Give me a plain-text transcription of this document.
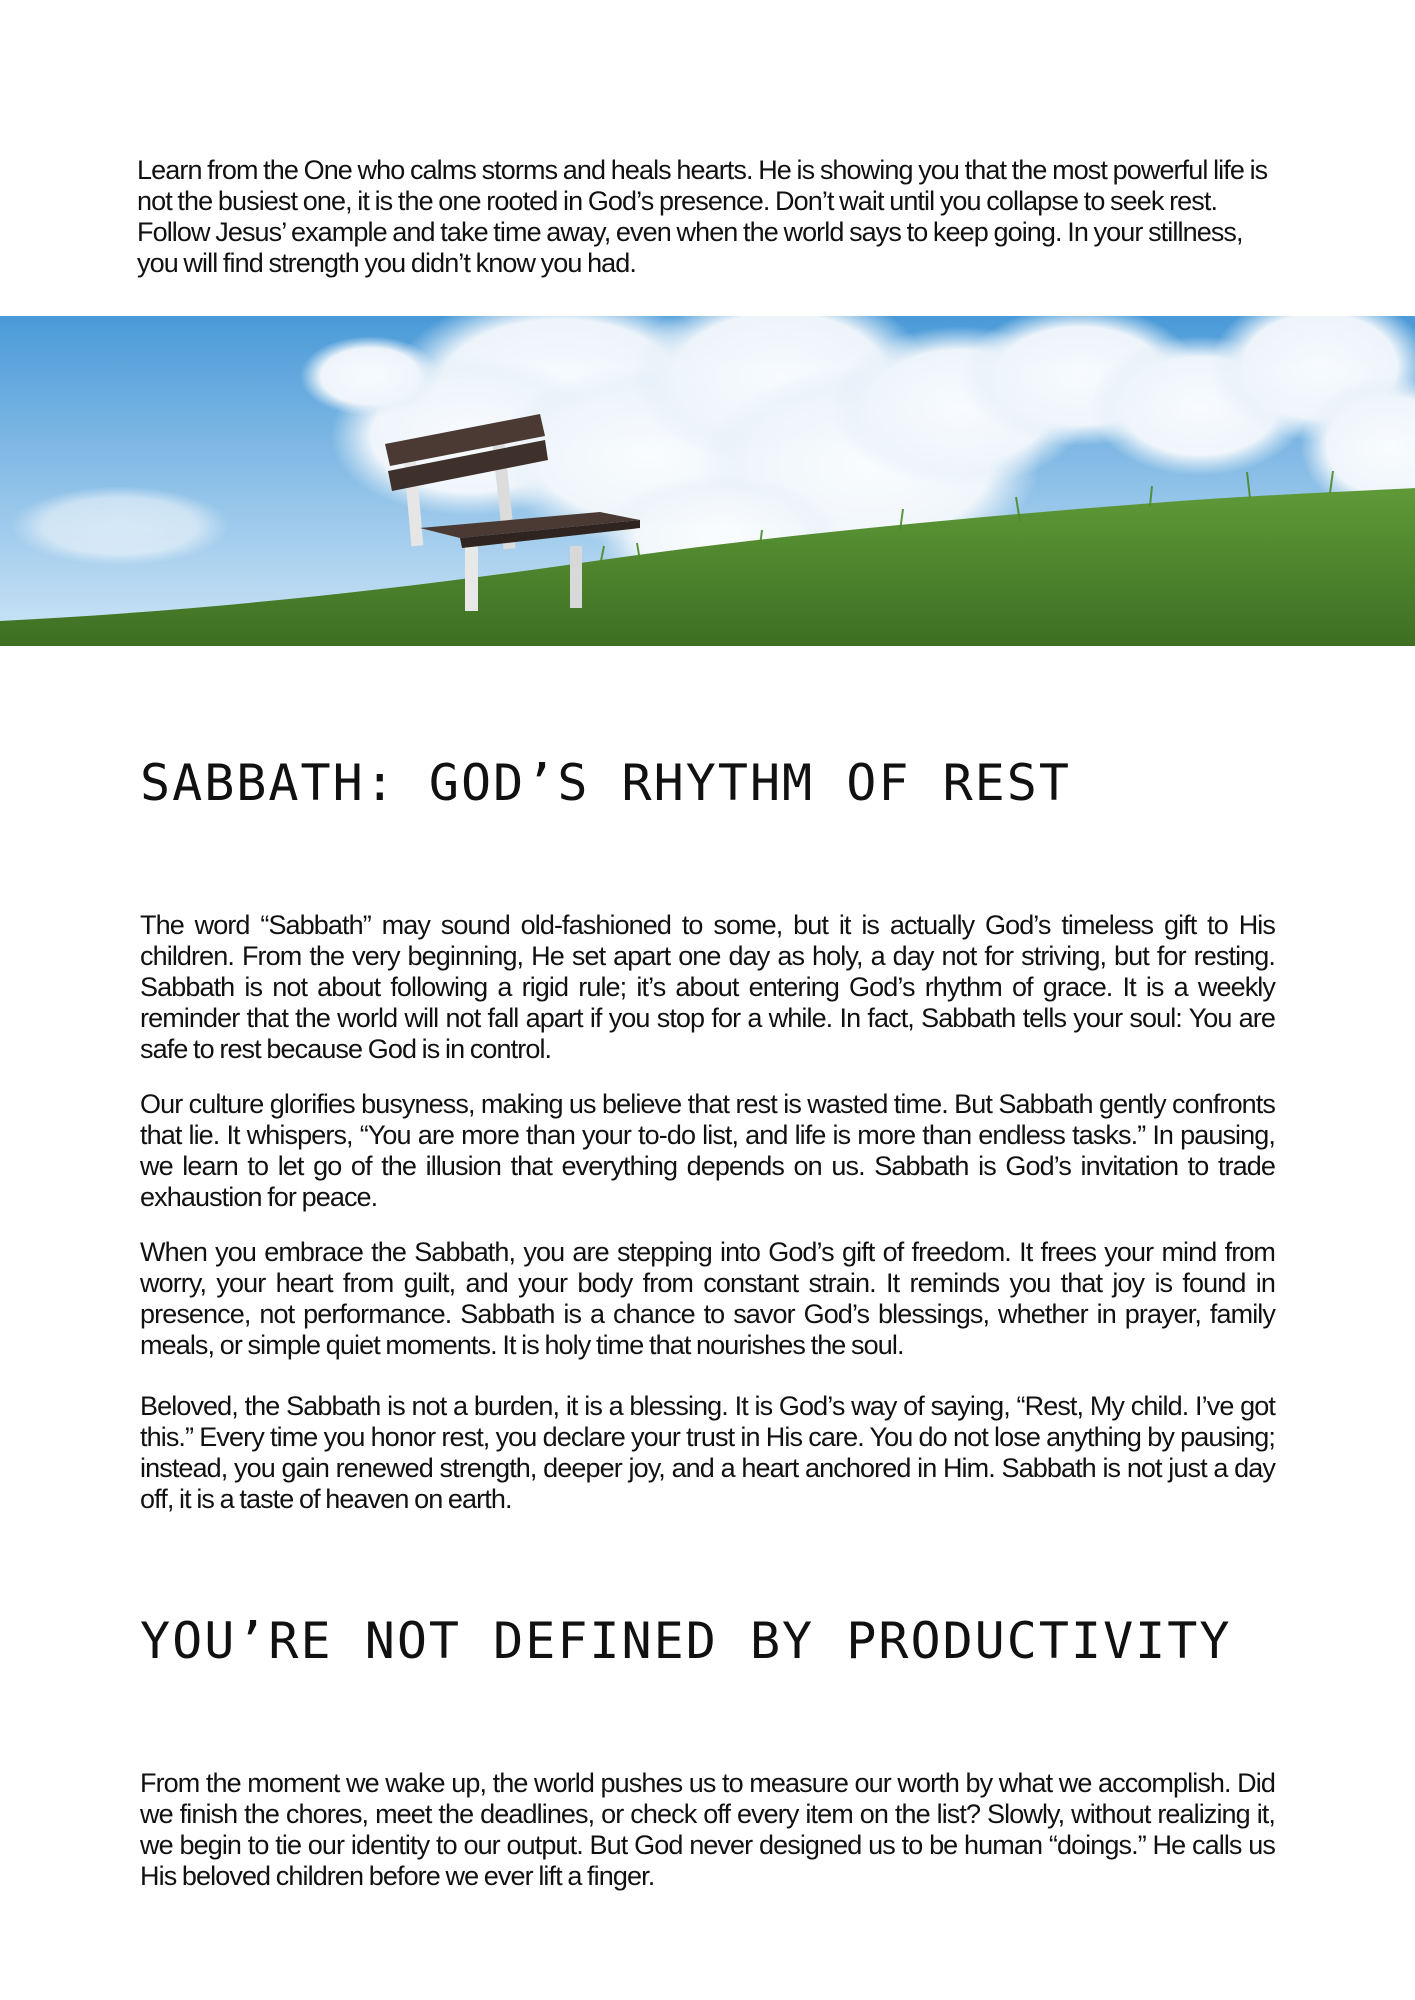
Learn from the One who calms storms and heals hearts. He is showing you that the most powerful life is not the busiest one, it is the one rooted in God’s presence. Don’t wait until you collapse to seek rest. Follow Jesus’ example and take time away, even when the world says to keep going. In your stillness, you will find strength you didn’t know you had.

SABBATH: GOD’S RHYTHM OF REST

The word “Sabbath” may sound old-fashioned to some, but it is actually God’s timeless gift to His children. From the very beginning, He set apart one day as holy, a day not for striving, but for resting. Sabbath is not about following a rigid rule; it’s about entering God’s rhythm of grace. It is a weekly reminder that the world will not fall apart if you stop for a while. In fact, Sabbath tells your soul: You are safe to rest because God is in control.

Our culture glorifies busyness, making us believe that rest is wasted time. But Sabbath gently confronts that lie. It whispers, “You are more than your to-do list, and life is more than endless tasks.” In pausing, we learn to let go of the illusion that everything depends on us. Sabbath is God’s invitation to trade exhaustion for peace.

When you embrace the Sabbath, you are stepping into God’s gift of freedom. It frees your mind from worry, your heart from guilt, and your body from constant strain. It reminds you that joy is found in presence, not performance. Sabbath is a chance to savor God’s blessings, whether in prayer, family meals, or simple quiet moments. It is holy time that nourishes the soul.

Beloved, the Sabbath is not a burden, it is a blessing. It is God’s way of saying, “Rest, My child. I’ve got this.” Every time you honor rest, you declare your trust in His care. You do not lose anything by pausing; instead, you gain renewed strength, deeper joy, and a heart anchored in Him. Sabbath is not just a day off, it is a taste of heaven on earth.

YOU’RE NOT DEFINED BY PRODUCTIVITY

From the moment we wake up, the world pushes us to measure our worth by what we accomplish. Did we finish the chores, meet the deadlines, or check off every item on the list? Slowly, without realizing it, we begin to tie our identity to our output. But God never designed us to be human “doings.” He calls us His beloved children before we ever lift a finger.
